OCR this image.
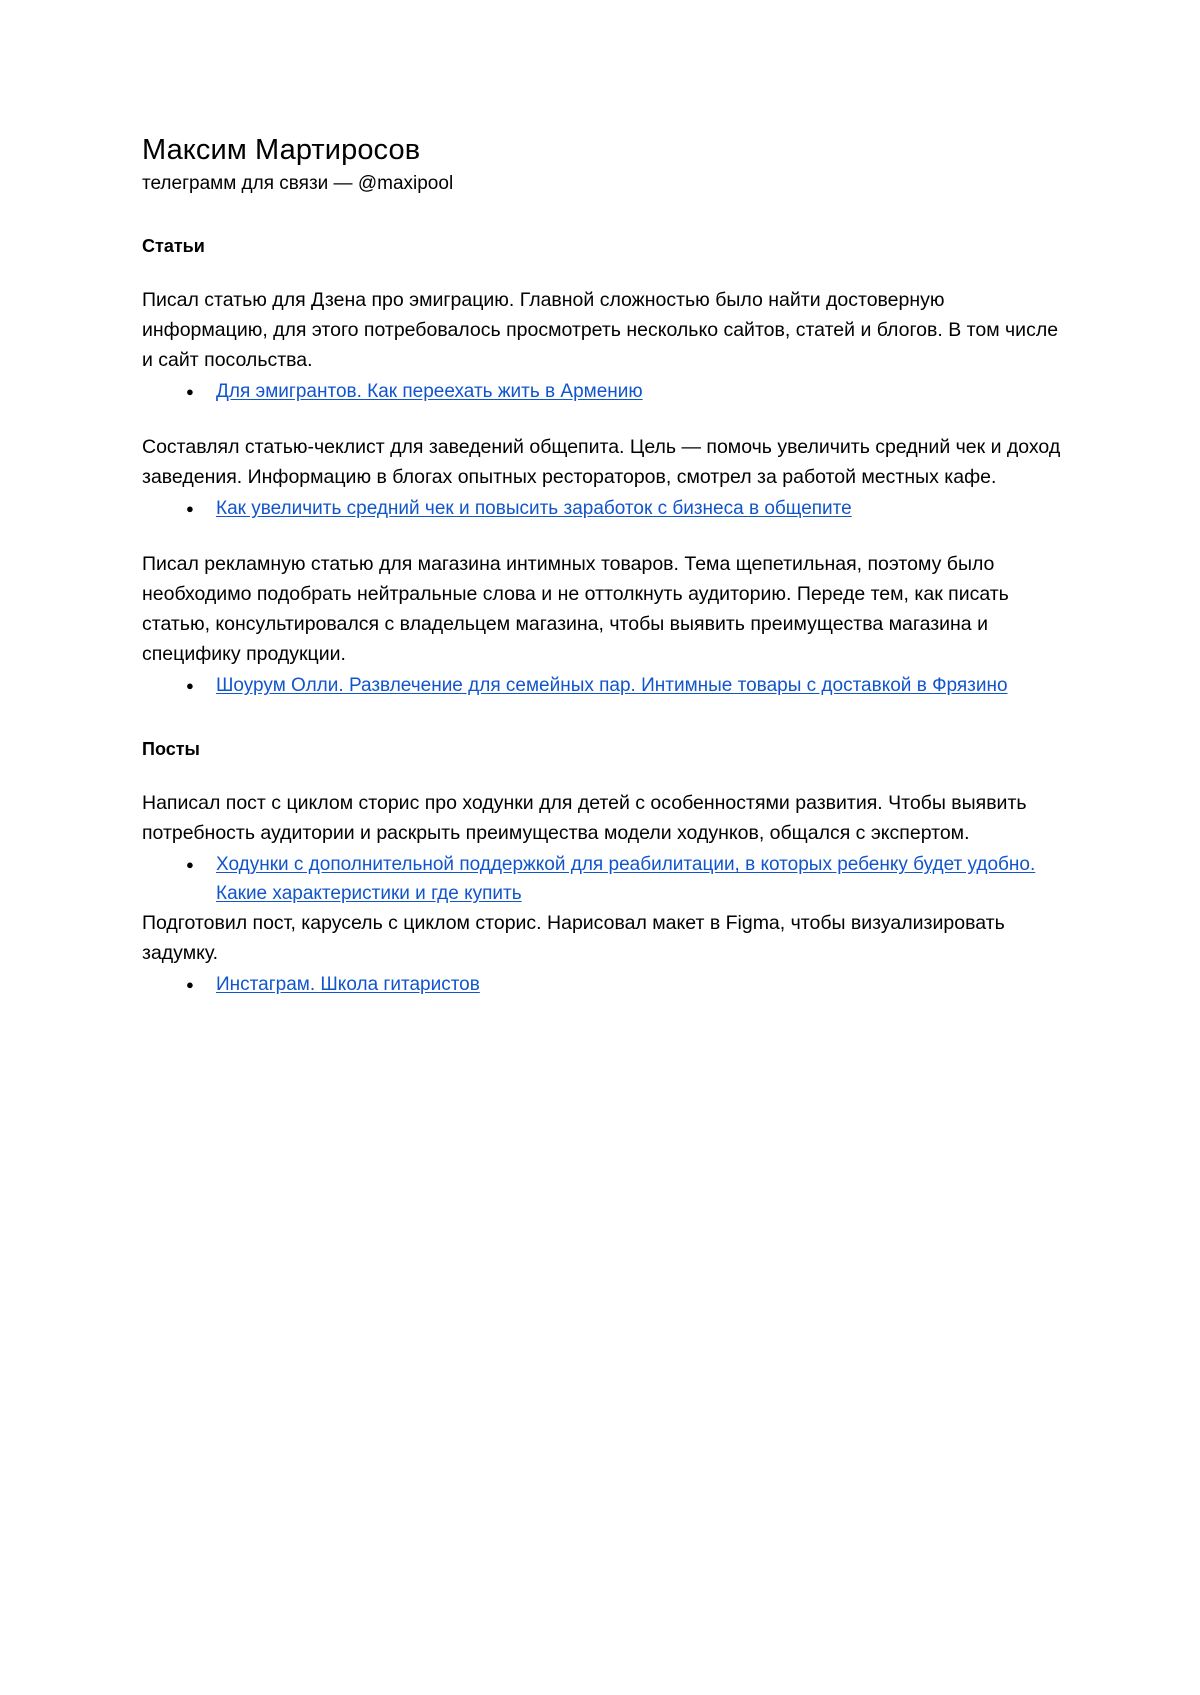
Максим Мартиросов

телеграмм для связи — @maxipool

Статьи

Писал статью для Дзена про эмиграцию. Главной сложностью было найти достоверную информацию, для этого потребовалось просмотреть несколько сайтов, статей и блогов. В том числе и сайт посольства.

● Для эмигрантов. Как переехать жить в Армению

Составлял статью-чеклист для заведений общепита. Цель — помочь увеличить средний чек и доход заведения. Информацию в блогах опытных рестораторов, смотрел за работой местных кафе.

● Как увеличить средний чек и повысить заработок с бизнеса в общепите

Писал рекламную статью для магазина интимных товаров. Тема щепетильная, поэтому было необходимо подобрать нейтральные слова и не оттолкнуть аудиторию. Переде тем, как писать статью, консультировался с владельцем магазина, чтобы выявить преимущества магазина и специфику продукции.

● Шоурум Олли. Развлечение для семейных пар. Интимные товары с доставкой в Фрязино
Посты

Написал пост с циклом сторис про ходунки для детей с особенностями развития. Чтобы выявить потребность аудитории и раскрыть преимущества модели ходунков, общался с экспертом.

● Ходунки с дополнительной поддержкой для реабилитации, в которых ребенку будет удобно. Какие характеристики и где купить

Подготовил пост, карусель с циклом сторис. Нарисовал макет в Figma, чтобы визуализировать задумку.

● Инстаграм. Школа гитаристов
